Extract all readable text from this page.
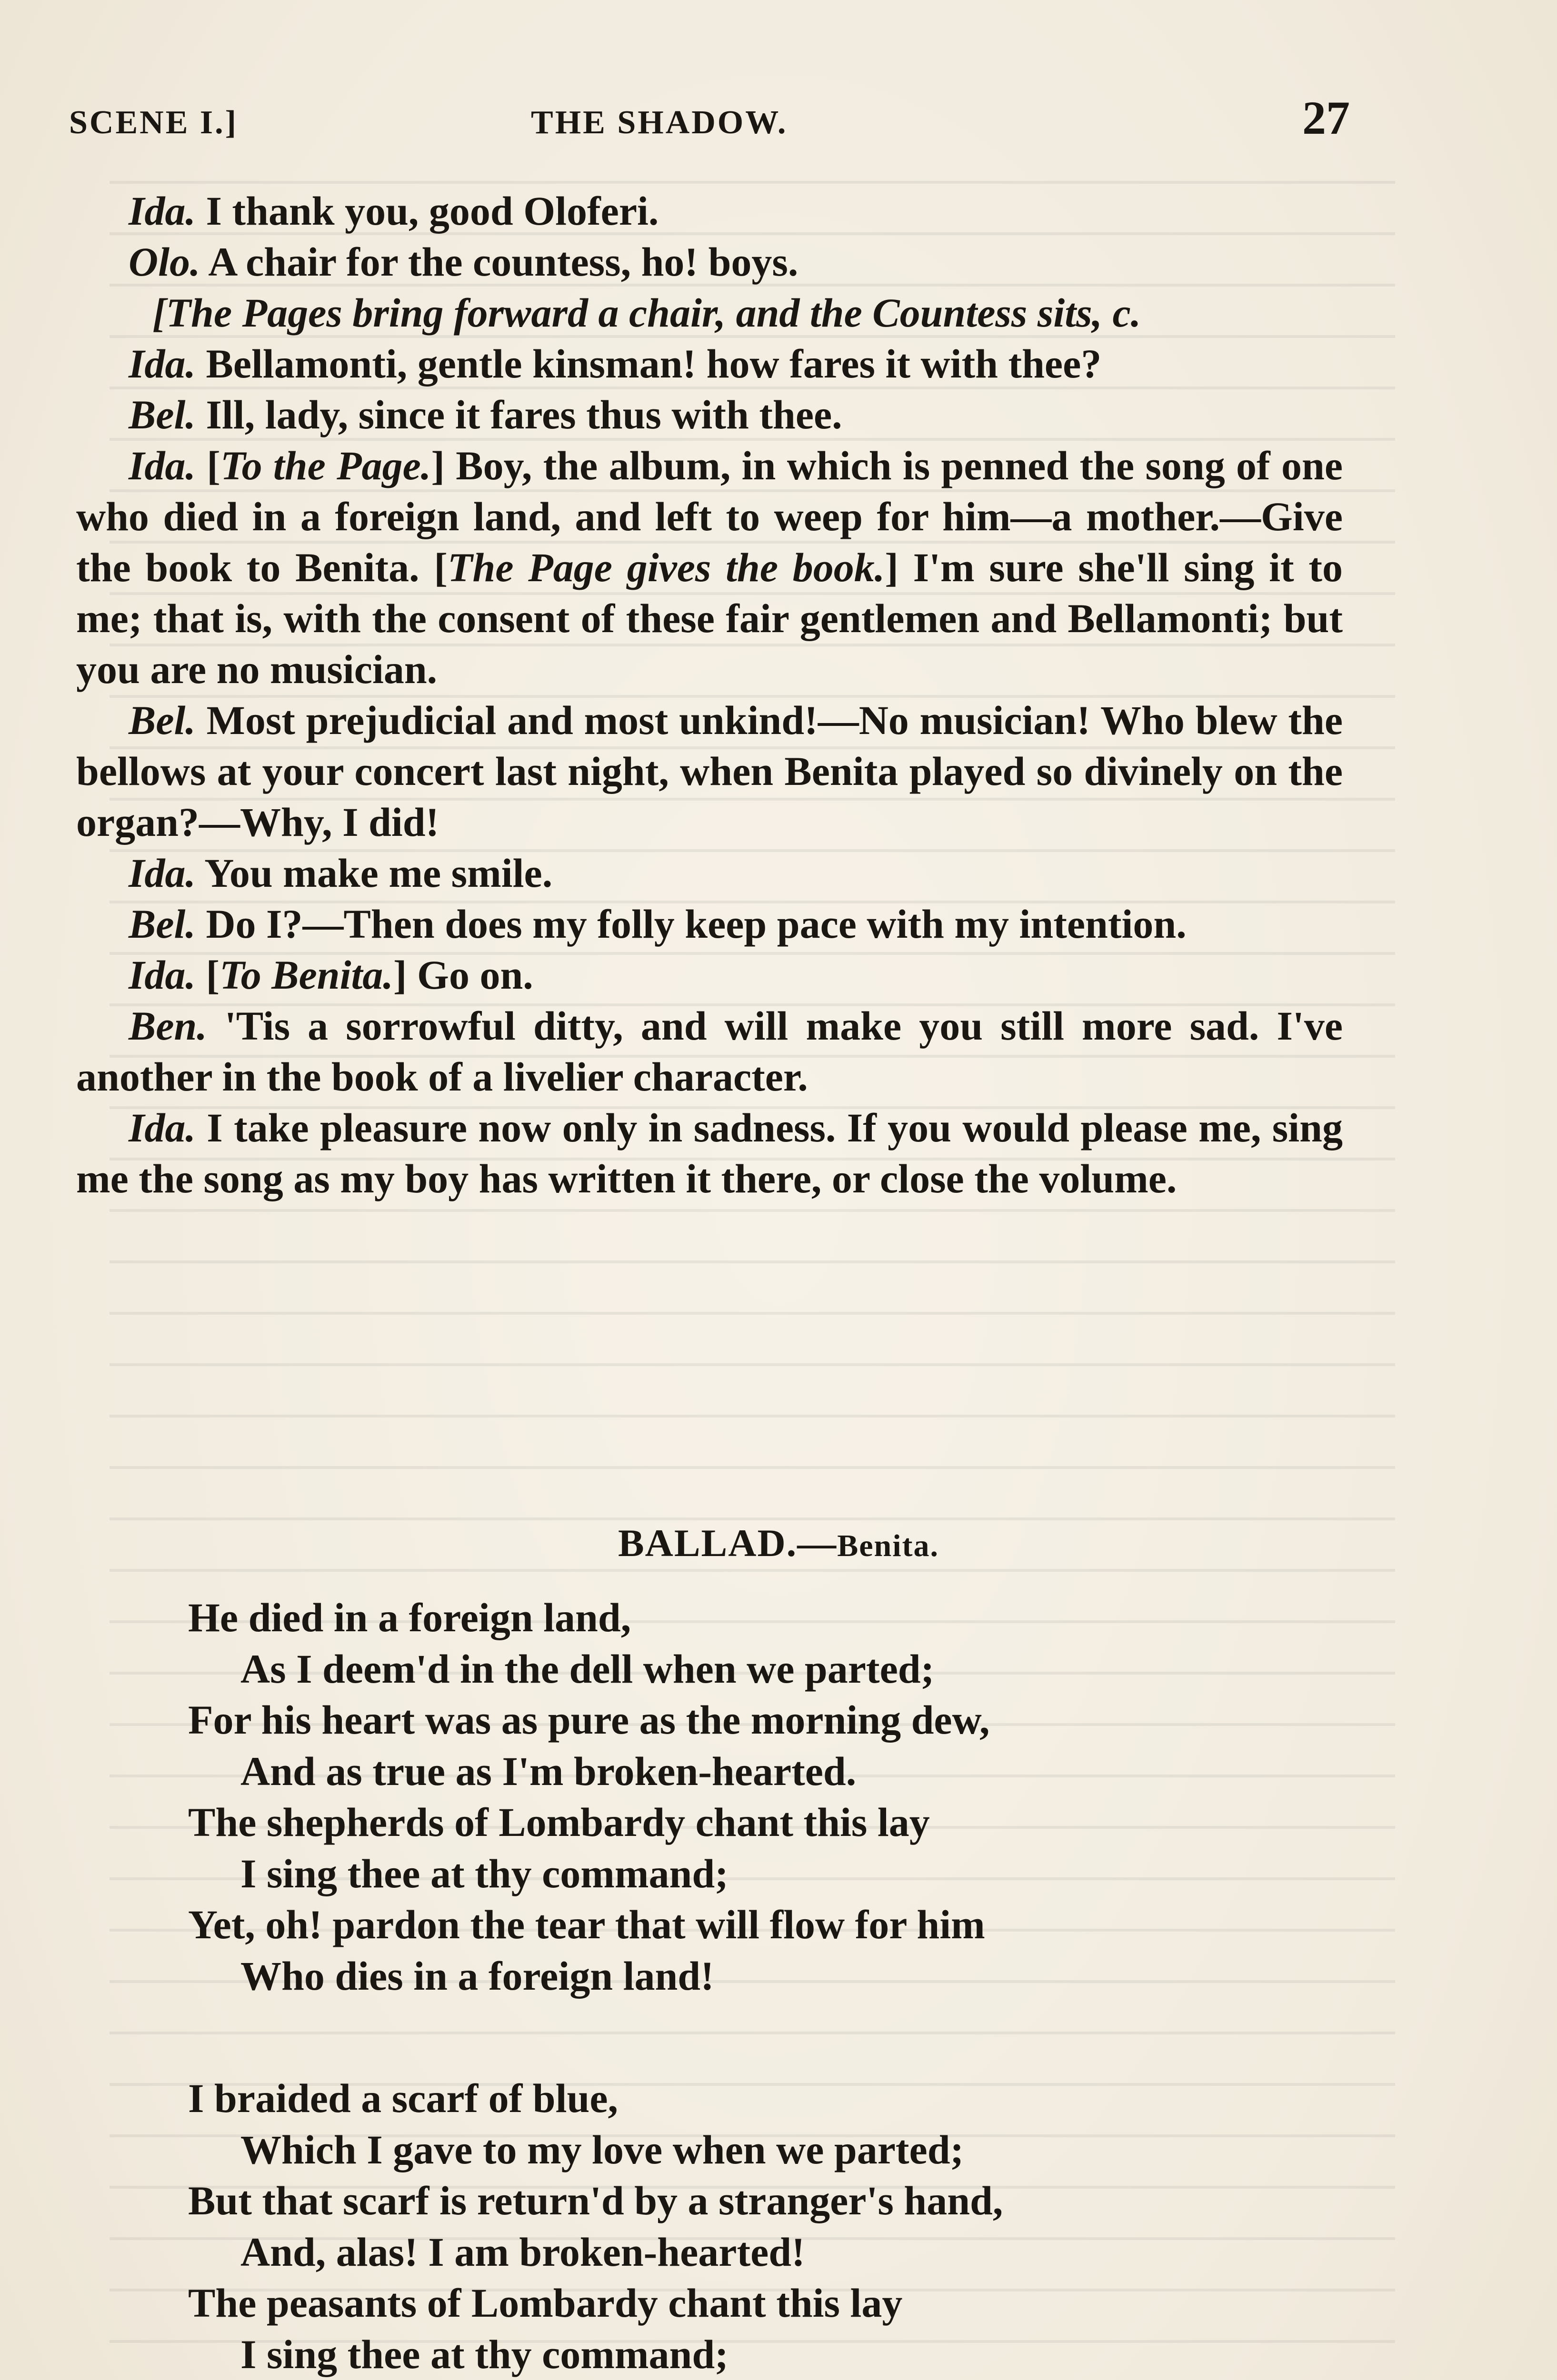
SCENE I.]	THE SHADOW.	27

Ida. I thank you, good Oloferi.

Olo. A chair for the countess, ho! boys.

[The Pages bring forward a chair, and the Countess sits, c.

Ida. Bellamonti, gentle kinsman! how fares it with thee?

Bel. Ill, lady, since it fares thus with thee.

Ida. [To the Page.] Boy, the album, in which is penned the song of one who died in a foreign land, and left to weep for him—a mother.—Give the book to Benita. [The Page gives the book.] I'm sure she'll sing it to me; that is, with the consent of these fair gentlemen and Bellamonti; but you are no musician.

Bel. Most prejudicial and most unkind!—No musician! Who blew the bellows at your concert last night, when Benita played so divinely on the organ?—Why, I did!

Ida. You make me smile.

Bel. Do I?—Then does my folly keep pace with my intention.

Ida. [To Benita.] Go on.

Ben. 'Tis a sorrowful ditty, and will make you still more sad. I've another in the book of a livelier character.

Ida. I take pleasure now only in sadness. If you would please me, sing me the song as my boy has written it there, or close the volume.

BALLAD.—Benita.
He died in a foreign land,
As I deem'd in the dell when we parted;
For his heart was as pure as the morning dew,
And as true as I'm broken-hearted.
The shepherds of Lombardy chant this lay
I sing thee at thy command;
Yet, oh! pardon the tear that will flow for him
Who dies in a foreign land!
I braided a scarf of blue,
Which I gave to my love when we parted;
But that scarf is return'd by a stranger's hand,
And, alas! I am broken-hearted!
The peasants of Lombardy chant this lay
I sing thee at thy command;
